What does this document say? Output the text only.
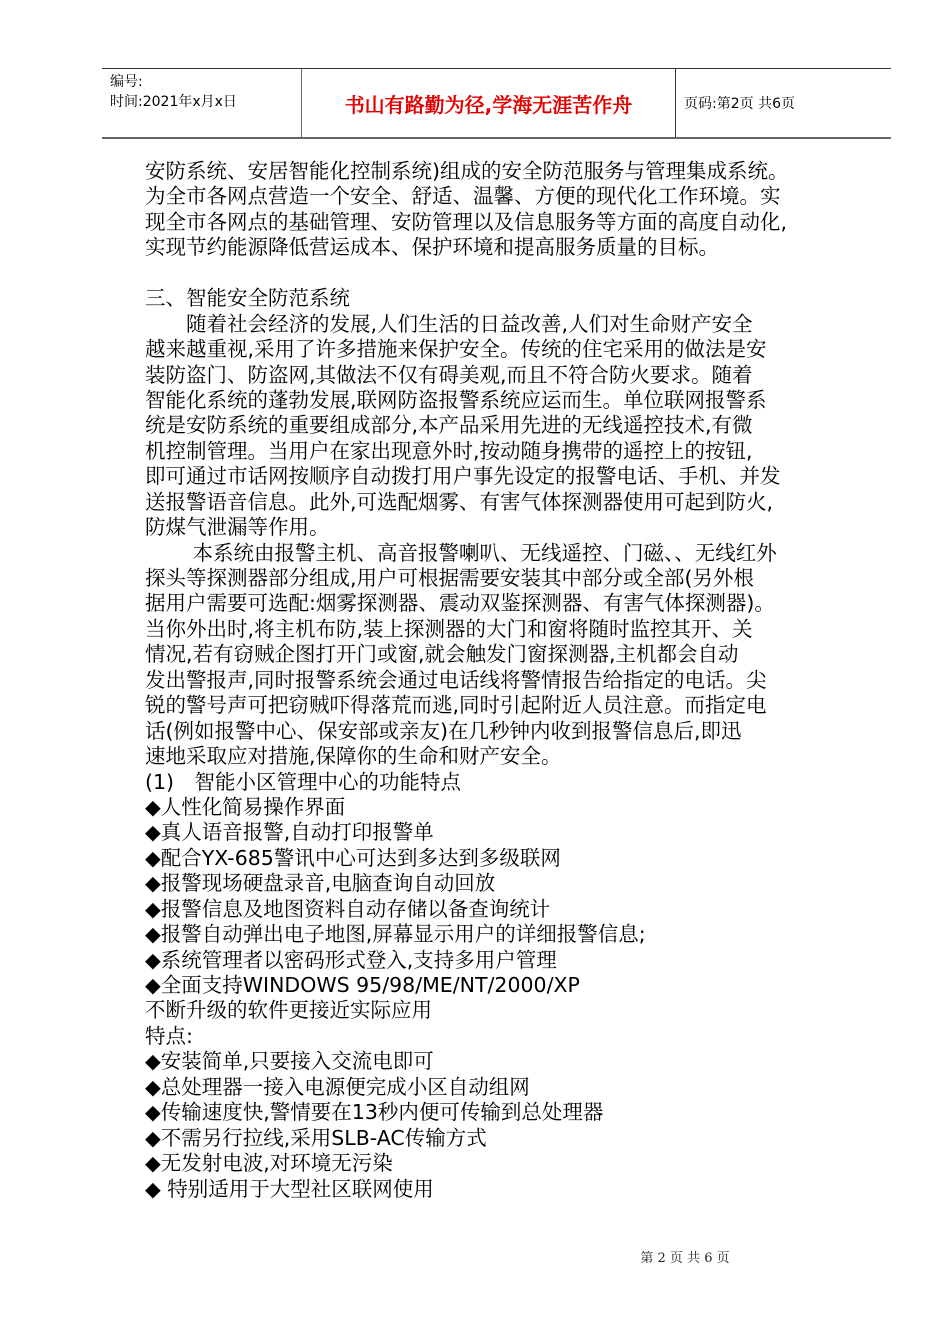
编号:
时间:2021年x月x日	书山有路勤为径,学海无涯苦作舟	页码:第2页 共6页
安防系统、安居智能化控制系统)组成的安全防范服务与管理集成系统。
为全市各网点营造一个安全、舒适、温馨、方便的现代化工作环境。实
现全市各网点的基础管理、安防管理以及信息服务等方面的高度自动化,
实现节约能源降低营运成本、保护环境和提高服务质量的目标。
三、智能安全防范系统
　　随着社会经济的发展,人们生活的日益改善,人们对生命财产安全
越来越重视,采用了许多措施来保护安全。传统的住宅采用的做法是安
装防盗门、防盗网,其做法不仅有碍美观,而且不符合防火要求。随着
智能化系统的蓬勃发展,联网防盗报警系统应运而生。单位联网报警系
统是安防系统的重要组成部分,本产品采用先进的无线遥控技术,有微
机控制管理。当用户在家出现意外时,按动随身携带的遥控上的按钮,
即可通过市话网按顺序自动拨打用户事先设定的报警电话、手机、并发
送报警语音信息。此外,可选配烟雾、有害气体探测器使用可起到防火,
防煤气泄漏等作用。
　　 本系统由报警主机、高音报警喇叭、无线遥控、门磁、、无线红外
探头等探测器部分组成,用户可根据需要安装其中部分或全部(另外根
据用户需要可选配:烟雾探测器、震动双鉴探测器、有害气体探测器)。
当你外出时,将主机布防,装上探测器的大门和窗将随时监控其开、关
情况,若有窃贼企图打开门或窗,就会触发门窗探测器,主机都会自动
发出警报声,同时报警系统会通过电话线将警情报告给指定的电话。尖
锐的警号声可把窃贼吓得落荒而逃,同时引起附近人员注意。而指定电
话(例如报警中心、保安部或亲友)在几秒钟内收到报警信息后,即迅
速地采取应对措施,保障你的生命和财产安全。
(1)　智能小区管理中心的功能特点
◆人性化简易操作界面
◆真人语音报警,自动打印报警单
◆配合YX-685警讯中心可达到多达到多级联网
◆报警现场硬盘录音,电脑查询自动回放
◆报警信息及地图资料自动存储以备查询统计
◆报警自动弹出电子地图,屏幕显示用户的详细报警信息;
◆系统管理者以密码形式登入,支持多用户管理
◆全面支持WINDOWS 95/98/ME/NT/2000/XP
不断升级的软件更接近实际应用
特点:
◆安装简单,只要接入交流电即可
◆总处理器一接入电源便完成小区自动组网
◆传输速度快,警情要在13秒内便可传输到总处理器
◆不需另行拉线,采用SLB-AC传输方式
◆无发射电波,对环境无污染
◆ 特别适用于大型社区联网使用
第 2 页 共 6 页
